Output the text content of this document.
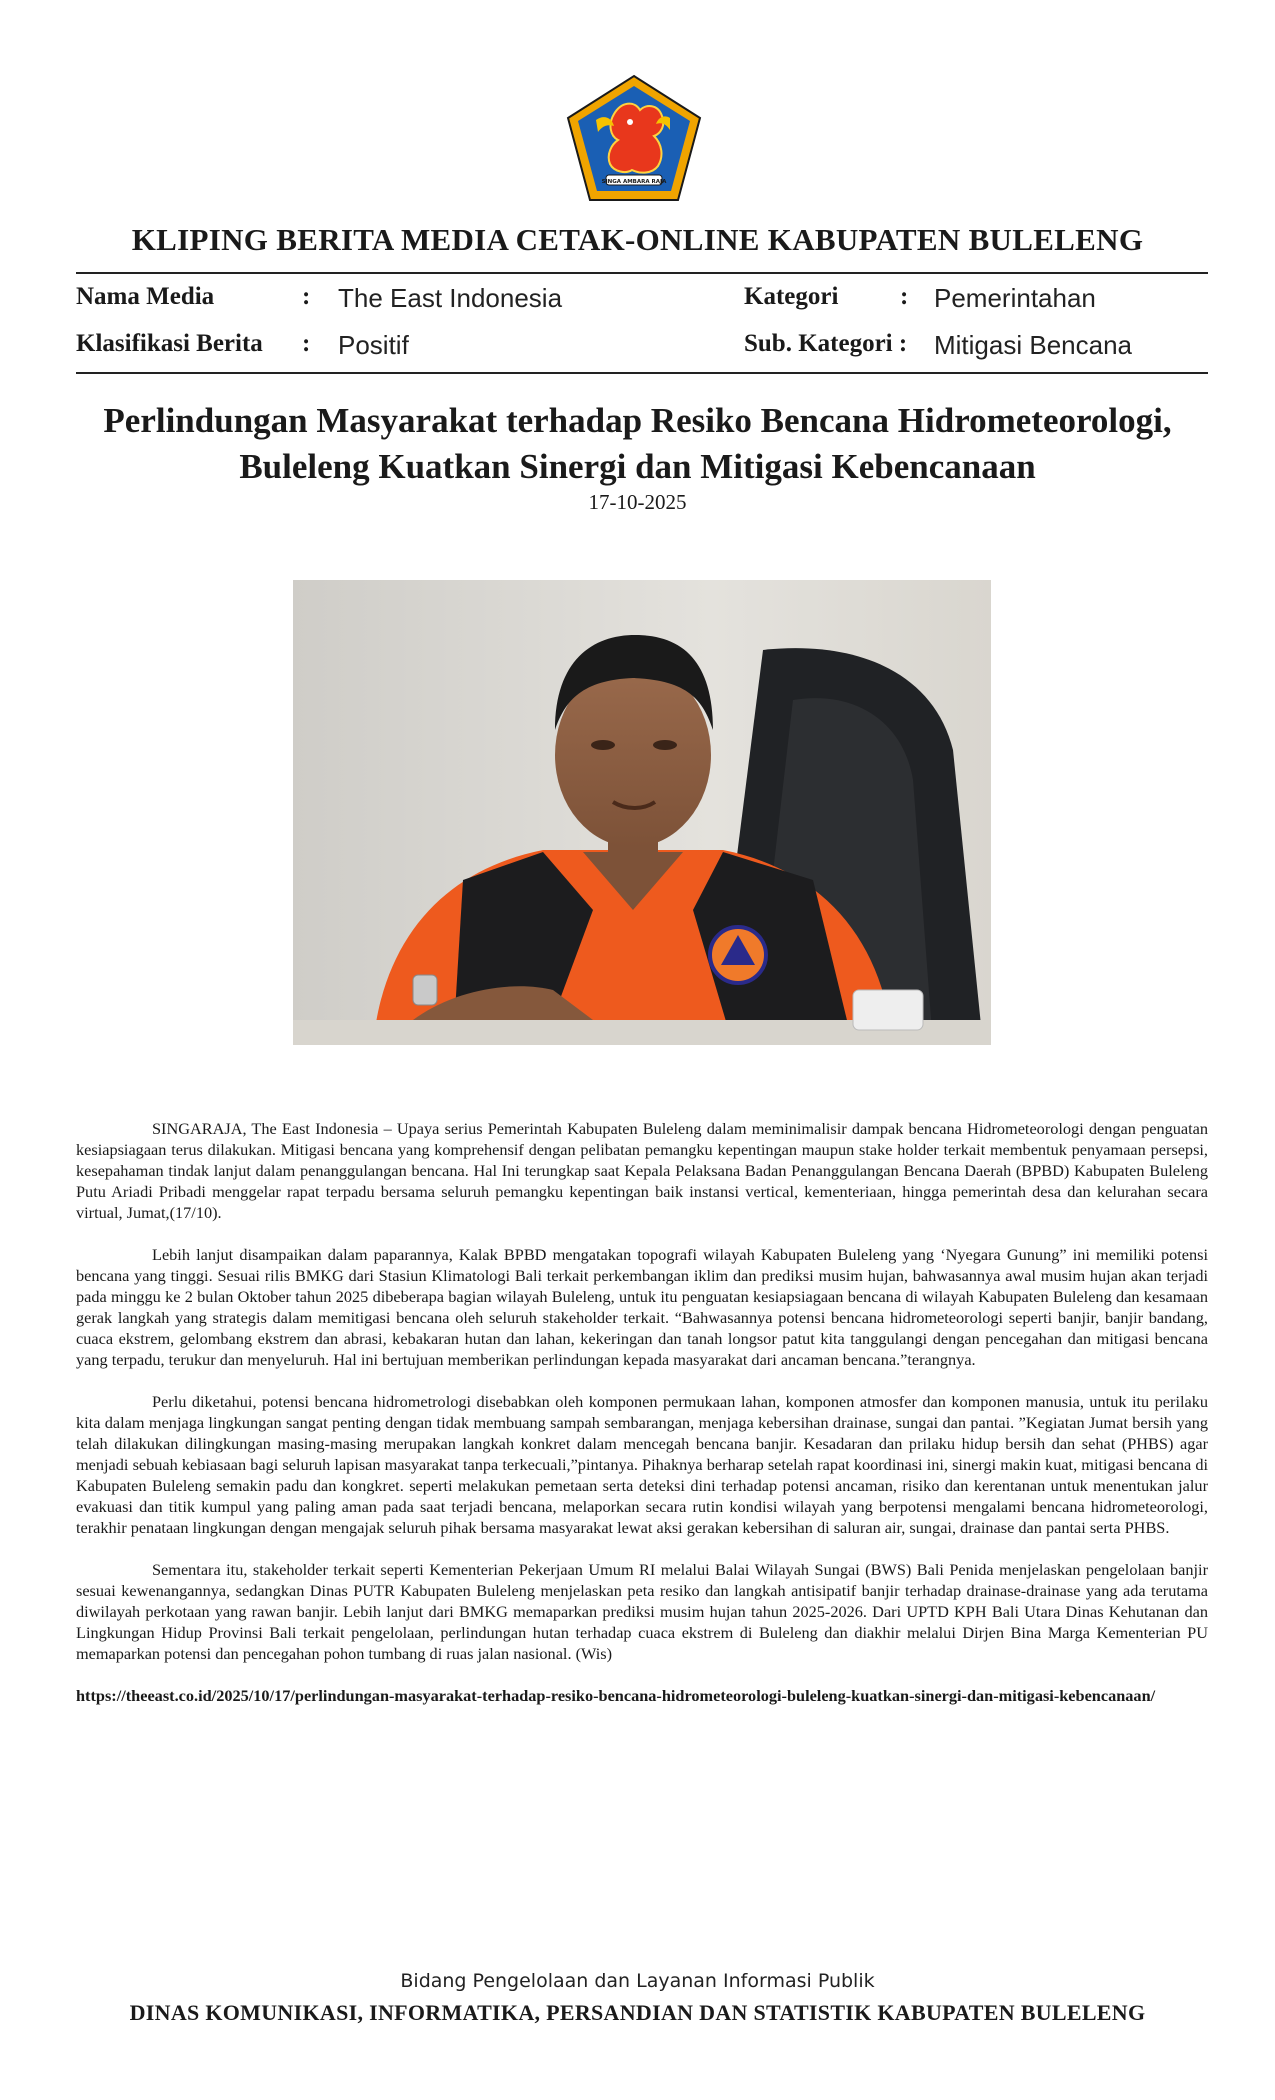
SINGA AMBARA RAJA
KLIPING BERITA MEDIA CETAK-ONLINE KABUPATEN BULELENG
Nama Media	: The East Indonesia	Kategori : Pemerintahan
Klasifikasi Berita : Positif	Sub. Kategori : Mitigasi Bencana
Perlindungan Masyarakat terhadap Resiko Bencana Hidrometeorologi,
Buleleng Kuatkan Sinergi dan Mitigasi Kebencanaan
17-10-2025

SINGARAJA, The East Indonesia – Upaya serius Pemerintah Kabupaten Buleleng dalam meminimalisir dampak bencana Hidrometeorologi dengan penguatan kesiapsiagaan terus dilakukan. Mitigasi bencana yang komprehensif dengan pelibatan pemangku kepentingan maupun stake holder terkait membentuk penyamaan persepsi, kesepahaman tindak lanjut dalam penanggulangan bencana. Hal Ini terungkap saat Kepala Pelaksana Badan Penanggulangan Bencana Daerah (BPBD) Kabupaten Buleleng Putu Ariadi Pribadi menggelar rapat terpadu bersama seluruh pemangku kepentingan baik instansi vertical, kementeriaan, hingga pemerintah desa dan kelurahan secara virtual, Jumat,(17/10).

Lebih lanjut disampaikan dalam paparannya, Kalak BPBD mengatakan topografi wilayah Kabupaten Buleleng yang ‘Nyegara Gunung” ini memiliki potensi bencana yang tinggi. Sesuai rilis BMKG dari Stasiun Klimatologi Bali terkait perkembangan iklim dan prediksi musim hujan, bahwasannya awal musim hujan akan terjadi pada minggu ke 2 bulan Oktober tahun 2025 dibeberapa bagian wilayah Buleleng, untuk itu penguatan kesiapsiagaan bencana di wilayah Kabupaten Buleleng dan kesamaan gerak langkah yang strategis dalam memitigasi bencana oleh seluruh stakeholder terkait. “Bahwasannya potensi bencana hidrometeorologi seperti banjir, banjir bandang, cuaca ekstrem, gelombang ekstrem dan abrasi, kebakaran hutan dan lahan, kekeringan dan tanah longsor patut kita tanggulangi dengan pencegahan dan mitigasi bencana yang terpadu, terukur dan menyeluruh. Hal ini bertujuan memberikan perlindungan kepada masyarakat dari ancaman bencana.”terangnya.

Perlu diketahui, potensi bencana hidrometrologi disebabkan oleh komponen permukaan lahan, komponen atmosfer dan komponen manusia, untuk itu perilaku kita dalam menjaga lingkungan sangat penting dengan tidak membuang sampah sembarangan, menjaga kebersihan drainase, sungai dan pantai. ”Kegiatan Jumat bersih yang telah dilakukan dilingkungan masing-masing merupakan langkah konkret dalam mencegah bencana banjir. Kesadaran dan prilaku hidup bersih dan sehat (PHBS) agar menjadi sebuah kebiasaan bagi seluruh lapisan masyarakat tanpa terkecuali,”pintanya. Pihaknya berharap setelah rapat koordinasi ini, sinergi makin kuat, mitigasi bencana di Kabupaten Buleleng semakin padu dan kongkret. seperti melakukan pemetaan serta deteksi dini terhadap potensi ancaman, risiko dan kerentanan untuk menentukan jalur evakuasi dan titik kumpul yang paling aman pada saat terjadi bencana, melaporkan secara rutin kondisi wilayah yang berpotensi mengalami bencana hidrometeorologi, terakhir penataan lingkungan dengan mengajak seluruh pihak bersama masyarakat lewat aksi gerakan kebersihan di saluran air, sungai, drainase dan pantai serta PHBS.

Sementara itu, stakeholder terkait seperti Kementerian Pekerjaan Umum RI melalui Balai Wilayah Sungai (BWS) Bali Penida menjelaskan pengelolaan banjir sesuai kewenangannya, sedangkan Dinas PUTR Kabupaten Buleleng menjelaskan peta resiko dan langkah antisipatif banjir terhadap drainase-drainase yang ada terutama diwilayah perkotaan yang rawan banjir. Lebih lanjut dari BMKG memaparkan prediksi musim hujan tahun 2025-2026. Dari UPTD KPH Bali Utara Dinas Kehutanan dan Lingkungan Hidup Provinsi Bali terkait pengelolaan, perlindungan hutan terhadap cuaca ekstrem di Buleleng dan diakhir melalui Dirjen Bina Marga Kementerian PU memaparkan potensi dan pencegahan pohon tumbang di ruas jalan nasional. (Wis)

https://theeast.co.id/2025/10/17/perlindungan-masyarakat-terhadap-resiko-bencana-hidrometeorologi-buleleng-kuatkan-sinergi-dan-mitigasi-kebencanaan/

Bidang Pengelolaan dan Layanan Informasi Publik
DINAS KOMUNIKASI, INFORMATIKA, PERSANDIAN DAN STATISTIK KABUPATEN BULELENG
